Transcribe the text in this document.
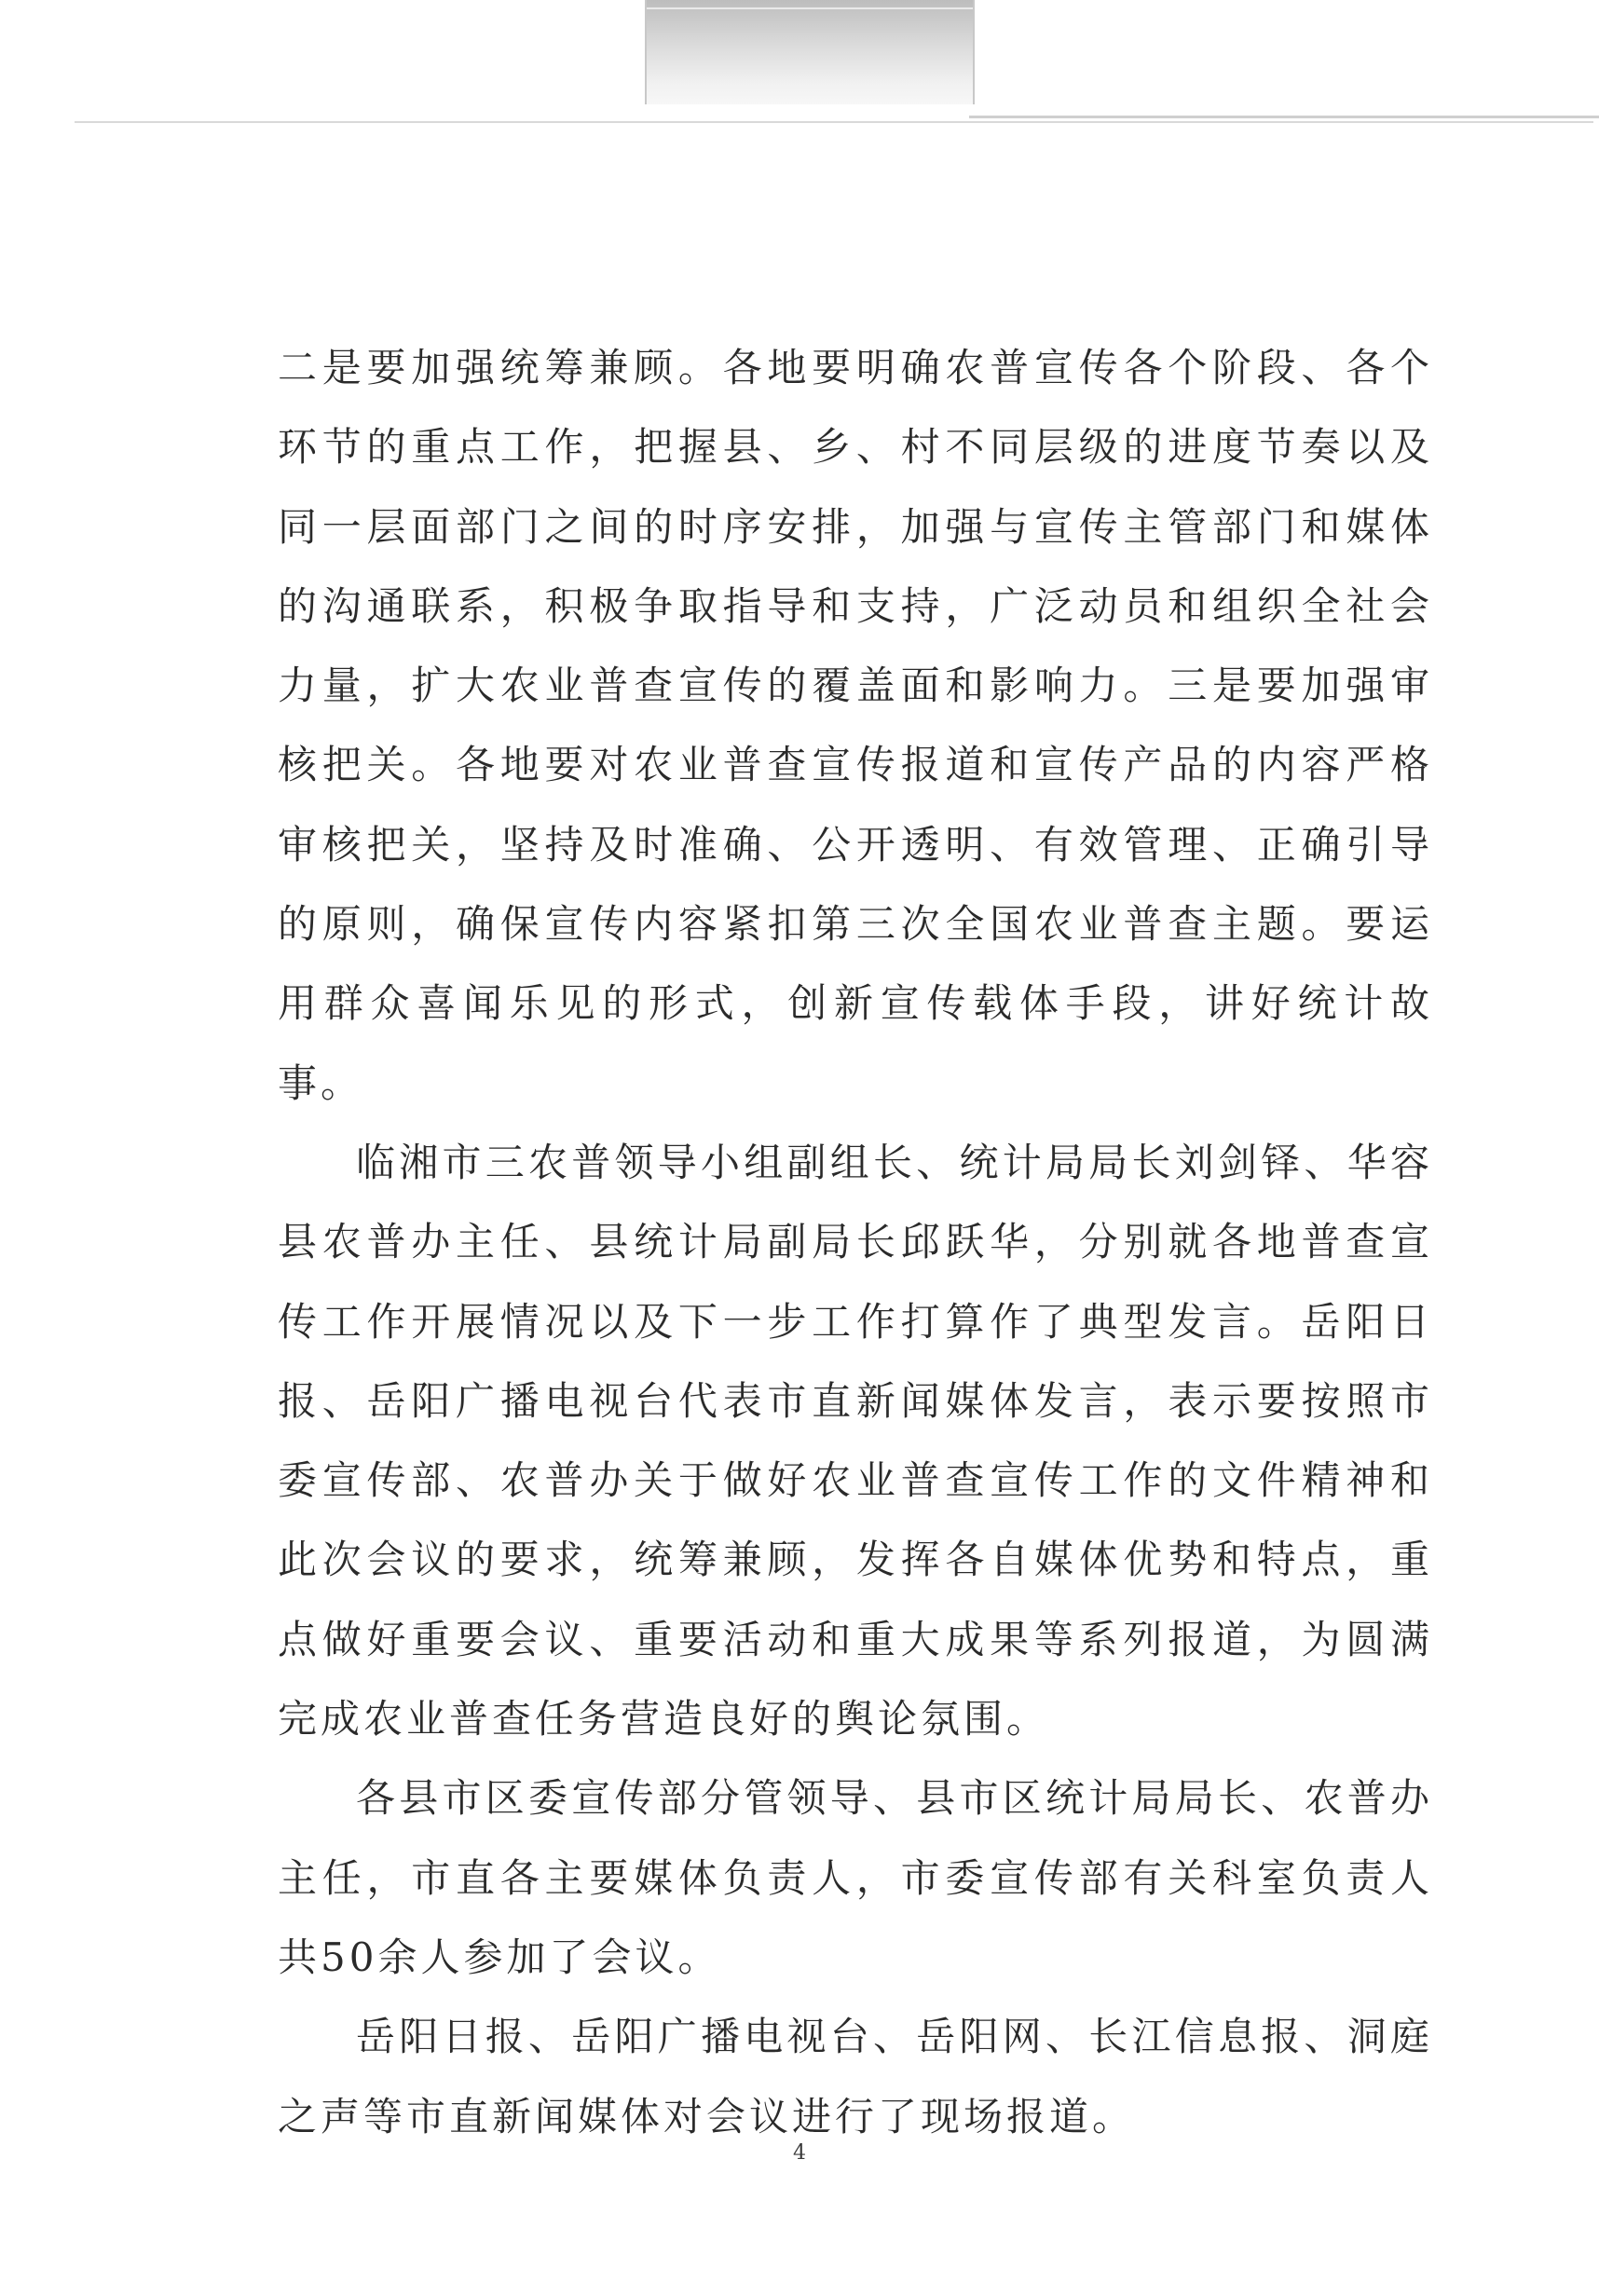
二是要加强统筹兼顾。各地要明确农普宣传各个阶段、各个环节的重点工作，把握县、乡、村不同层级的进度节奏以及同一层面部门之间的时序安排，加强与宣传主管部门和媒体的沟通联系，积极争取指导和支持，广泛动员和组织全社会力量，扩大农业普查宣传的覆盖面和影响力。三是要加强审核把关。各地要对农业普查宣传报道和宣传产品的内容严格审核把关，坚持及时准确、公开透明、有效管理、正确引导的原则，确保宣传内容紧扣第三次全国农业普查主题。要运用群众喜闻乐见的形式，创新宣传载体手段，讲好统计故事。

临湘市三农普领导小组副组长、统计局局长刘剑铎、华容县农普办主任、县统计局副局长邱跃华，分别就各地普查宣传工作开展情况以及下一步工作打算作了典型发言。岳阳日报、岳阳广播电视台代表市直新闻媒体发言，表示要按照市委宣传部、农普办关于做好农业普查宣传工作的文件精神和此次会议的要求，统筹兼顾，发挥各自媒体优势和特点，重点做好重要会议、重要活动和重大成果等系列报道，为圆满完成农业普查任务营造良好的舆论氛围。

各县市区委宣传部分管领导、县市区统计局局长、农普办主任，市直各主要媒体负责人，市委宣传部有关科室负责人共50余人参加了会议。

岳阳日报、岳阳广播电视台、岳阳网、长江信息报、洞庭之声等市直新闻媒体对会议进行了现场报道。

4
